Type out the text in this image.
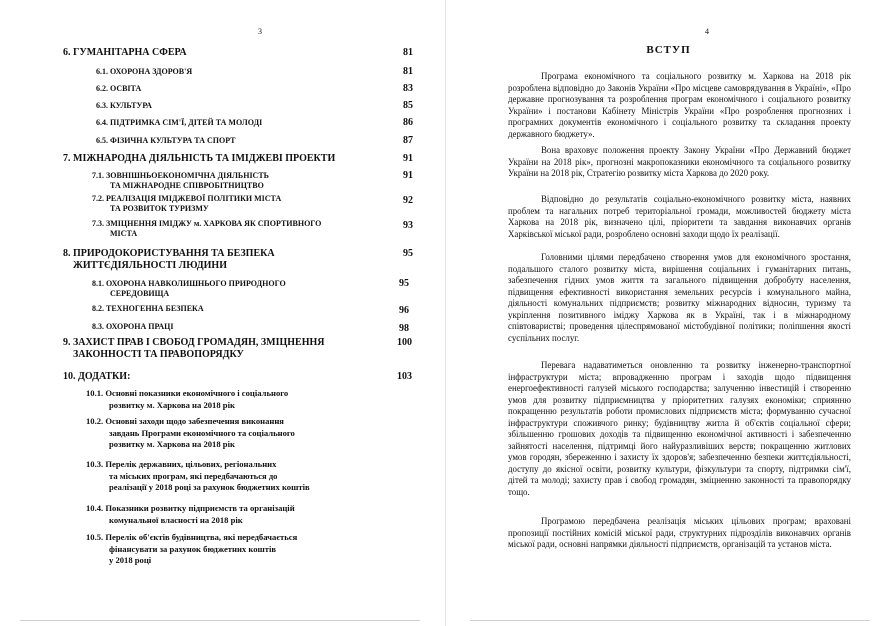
3
6. ГУМАНІТАРНА СФЕРА	81
6.1. ОХОРОНА ЗДОРОВ'Я	81
6.2. ОСВІТА	83
6.3. КУЛЬТУРА	85
6.4. ПІДТРИМКА СІМ'Ї, ДІТЕЙ ТА МОЛОДІ	86
6.5. ФІЗИЧНА КУЛЬТУРА ТА СПОРТ	87
7. МІЖНАРОДНА ДІЯЛЬНІСТЬ ТА ІМІДЖЕВІ ПРОЕКТИ	91
7.1. ЗОВНІШНЬОЕКОНОМІЧНА ДІЯЛЬНІСТЬ
ТА МІЖНАРОДНЕ СПІВРОБІТНИЦТВО
91
7.2. РЕАЛІЗАЦІЯ ІМІДЖЕВОЇ ПОЛІТИКИ МІСТА
ТА РОЗВИТОК ТУРИЗМУ
92
7.3. ЗМІЦНЕННЯ ІМІДЖУ м. ХАРКОВА ЯК СПОРТИВНОГО
МІСТА
93
8. ПРИРОДОКОРИСТУВАННЯ ТА БЕЗПЕКА
ЖИТТЄДІЯЛЬНОСТІ ЛЮДИНИ
95
8.1. ОХОРОНА НАВКОЛИШНЬОГО ПРИРОДНОГО
СЕРЕДОВИЩА
95
8.2. ТЕХНОГЕННА БЕЗПЕКА	96
8.3. ОХОРОНА ПРАЦІ	98
9. ЗАХИСТ ПРАВ І СВОБОД ГРОМАДЯН, ЗМІЦНЕННЯ
ЗАКОННОСТІ ТА ПРАВОПОРЯДКУ
100
10. ДОДАТКИ:	103
10.1. Основні показники економічного і соціального
розвитку м. Харкова на 2018 рік
10.2. Основні заходи щодо забезпечення виконання
завдань Програми економічного та соціального
розвитку м. Харкова на 2018 рік
10.3. Перелік державних, цільових, регіональних
та міських програм, які передбачаються до
реалізації у 2018 році за рахунок бюджетних коштів
10.4. Показники розвитку підприємств та організацій
комунальної власності на 2018 рік
10.5. Перелік об'єктів будівництва, які передбачається
фінансувати за рахунок бюджетних коштів
у 2018 році
4
ВСТУП

Програма економічного та соціального розвитку м. Харкова на 2018 рік розроблена відповідно до Законів України «Про місцеве самоврядування в Україні», «Про державне прогнозування та розроблення програм економічного і соціального розвитку України» і постанови Кабінету Міністрів України «Про розроблення прогнозних і програмних документів економічного і соціального розвитку та складання проекту державного бюджету».

Вона враховує положення проекту Закону України «Про Державний бюджет України на 2018 рік», прогнозні макропоказники економічного та соціального розвитку України на 2018 рік, Стратегію розвитку міста Харкова до 2020 року.

Відповідно до результатів соціально-економічного розвитку міста, наявних проблем та нагальних потреб територіальної громади, можливостей бюджету міста Харкова на 2018 рік, визначено цілі, пріоритети та завдання виконавчих органів Харківської міської ради, розроблено основні заходи щодо їх реалізації.

Головними цілями передбачено створення умов для економічного зростання, подальшого сталого розвитку міста, вирішення соціальних і гуманітарних питань, забезпечення гідних умов життя та загального підвищення добробуту населення, підвищення ефективності використання земельних ресурсів і комунального майна, діяльності комунальних підприємств; розвитку міжнародних відносин, туризму та укріплення позитивного іміджу Харкова як в Україні, так і в міжнародному співтоваристві; проведення цілеспрямованої містобудівної політики; поліпшення якості суспільних послуг.

Перевага надаватиметься оновленню та розвитку інженерно-транспортної інфраструктури міста; впровадженню програм і заходів щодо підвищення енергоефективності галузей міського господарства; залученню інвестицій і створенню умов для розвитку підприємництва у пріоритетних галузях економіки; сприянню покращенню результатів роботи промислових підприємств міста; формуванню сучасної інфраструктури споживчого ринку; будівництву житла й об'єктів соціальної сфери; збільшенню грошових доходів та підвищенню економічної активності і забезпеченню зайнятості населення, підтримці його найуразливіших верств; покращенню житлових умов городян, збереженню і захисту їх здоров'я; забезпеченню безпеки життєдіяльності, доступу до якісної освіти, розвитку культури, фізкультури та спорту, підтримки сім'ї, дітей та молоді; захисту прав і свобод громадян, зміцненню законності та правопорядку тощо.

Програмою передбачена реалізація міських цільових програм; враховані пропозиції постійних комісій міської ради, структурних підрозділів виконавчих органів міської ради, основні напрямки діяльності підприємств, організацій та установ міста.
